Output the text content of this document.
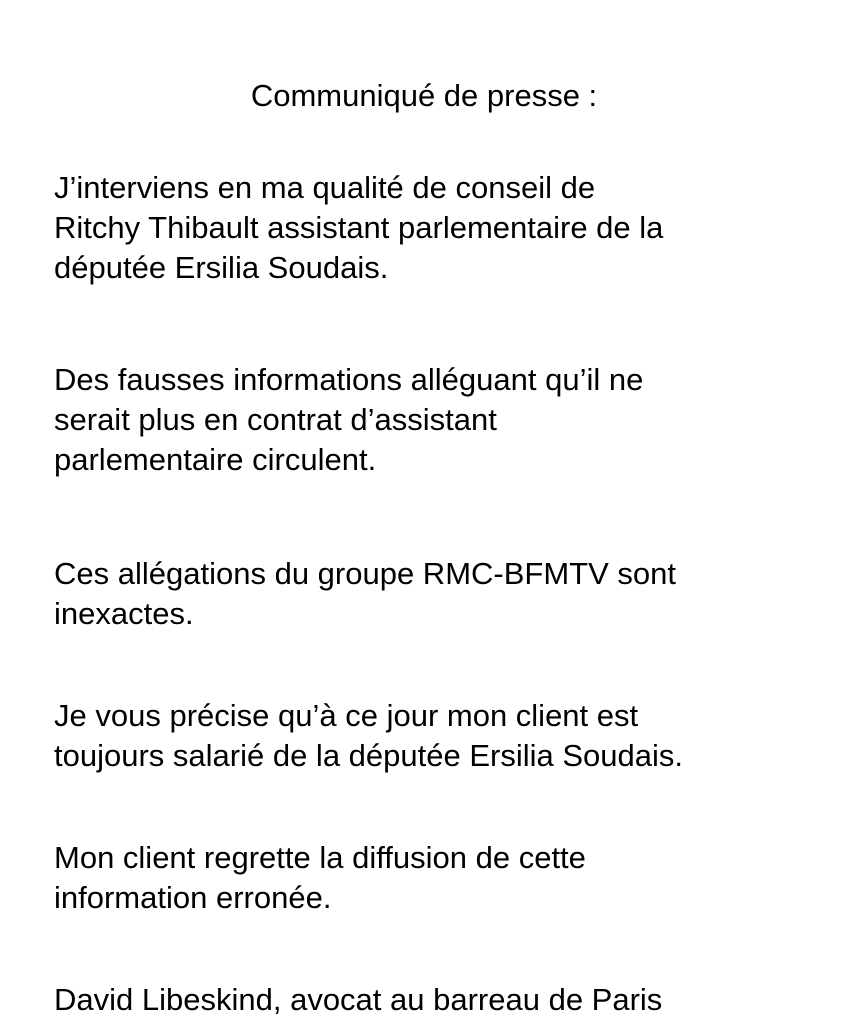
Communiqué de presse :

J’interviens en ma qualité de conseil de
Ritchy Thibault assistant parlementaire de la
députée Ersilia Soudais.

Des fausses informations alléguant qu’il ne
serait plus en contrat d’assistant
parlementaire circulent.

Ces allégations du groupe RMC-BFMTV sont
inexactes.

Je vous précise qu’à ce jour mon client est
toujours salarié de la députée Ersilia Soudais.

Mon client regrette la diffusion de cette
information erronée.

David Libeskind, avocat au barreau de Paris
